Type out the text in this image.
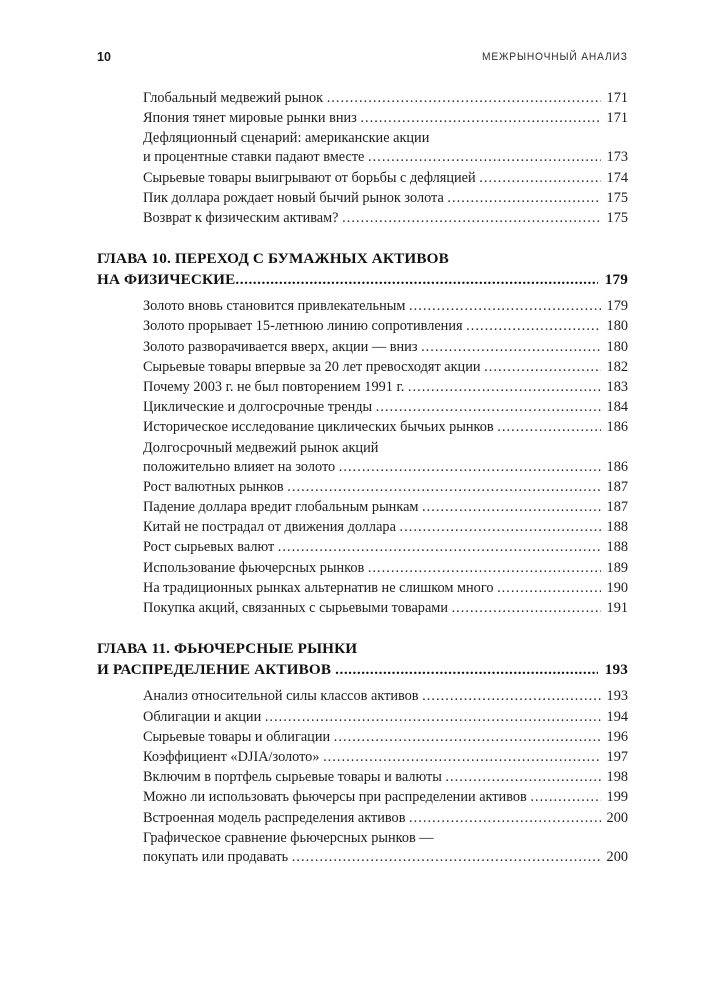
10	МЕЖРЫНОЧНЫЙ АНАЛИЗ
Глобальный медвежий рынок .....	171
Япония тянет мировые рынки вниз .....	171
Дефляционный сценарий: американские акции
и процентные ставки падают вместе .....	173
Сырьевые товары выигрывают от борьбы с дефляцией .....	174
Пик доллара рождает новый бычий рынок золота .....	175
Возврат к физическим активам? .....	175
ГЛАВА 10. ПЕРЕХОД С БУМАЖНЫХ АКТИВОВ
НА ФИЗИЧЕСКИЕ .....	179
Золото вновь становится привлекательным .....	179
Золото прорывает 15-летнюю линию сопротивления .....	180
Золото разворачивается вверх, акции — вниз .....	180
Сырьевые товары впервые за 20 лет превосходят акции .....	182
Почему 2003 г. не был повторением 1991 г. .....	183
Циклические и долгосрочные тренды .....	184
Историческое исследование циклических бычьих рынков .....	186
Долгосрочный медвежий рынок акций
положительно влияет на золото .....	186
Рост валютных рынков .....	187
Падение доллара вредит глобальным рынкам .....	187
Китай не пострадал от движения доллара .....	188
Рост сырьевых валют .....	188
Использование фьючерсных рынков .....	189
На традиционных рынках альтернатив не слишком много .....	190
Покупка акций, связанных с сырьевыми товарами .....	191
ГЛАВА 11. ФЬЮЧЕРСНЫЕ РЫНКИ
И РАСПРЕДЕЛЕНИЕ АКТИВОВ .....	193
Анализ относительной силы классов активов .....	193
Облигации и акции .....	194
Сырьевые товары и облигации .....	196
Коэффициент «DJIA/золото» .....	197
Включим в портфель сырьевые товары и валюты .....	198
Можно ли использовать фьючерсы при распределении активов .....	199
Встроенная модель распределения активов .....	200
Графическое сравнение фьючерсных рынков —
покупать или продавать .....	200
